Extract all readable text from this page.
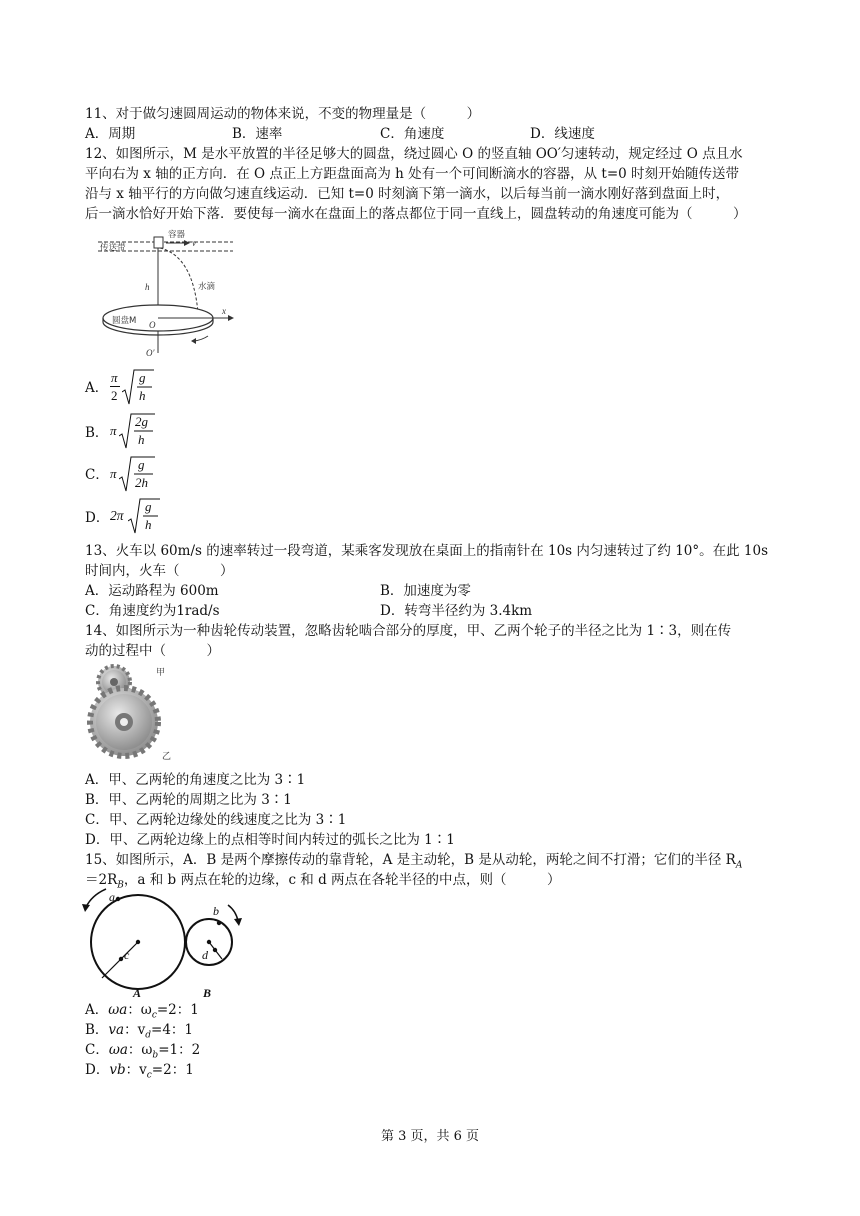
11、对于做匀速圆周运动的物体来说，不变的物理量是（　　　）
A．周期	B．速率	C．角速度	D．线速度
12、如图所示，M 是水平放置的半径足够大的圆盘，绕过圆心 O 的竖直轴 OO′匀速转动，规定经过 O 点且水
平向右为 x 轴的正方向．在 O 点正上方距盘面高为 h 处有一个可间断滴水的容器，从 t=0 时刻开始随传送带
沿与 x 轴平行的方向做匀速直线运动．已知 t=0 时刻滴下第一滴水，以后每当前一滴水刚好落到盘面上时，
后一滴水恰好开始下落．要使每一滴水在盘面上的落点都位于同一直线上，圆盘转动的角速度可能为（　　　）
传送带
容器
v
h	水滴
x
圆盘M O
O′
A．
π
2
g
h
B． π
2g
h
C． π
g
2h
D． 2π
g
h
13、火车以 60m/s 的速率转过一段弯道，某乘客发现放在桌面上的指南针在 10s 内匀速转过了约 10°。在此 10s
时间内，火车（　　　）
A．运动路程为 600m	B．加速度为零
C．角速度约为1rad/s	D．转弯半径约为 3.4km
14、如图所示为一种齿轮传动装置，忽略齿轮啮合部分的厚度，甲、乙两个轮子的半径之比为 1∶3，则在传
动的过程中（　　　）
甲
乙
A．甲、乙两轮的角速度之比为 3∶1
B．甲、乙两轮的周期之比为 3∶1
C．甲、乙两轮边缘处的线速度之比为 3∶1
D．甲、乙两轮边缘上的点相等时间内转过的弧长之比为 1∶1
15、如图所示，A．B 是两个摩擦传动的靠背轮，A 是主动轮，B 是从动轮，两轮之间不打滑；它们的半径 $R_A$
$=2R_B$，a 和 b 两点在轮的边缘，c 和 d 两点在各轮半径的中点，则（　　　）
a
c
b
d
A	B
A．ωa：$\omega_c=2$：1
B．va：$v_d=4$：1
C．ωa：$\omega_b=1$：2
D．vb：$v_c=2$：1
第 3 页，共 6 页
